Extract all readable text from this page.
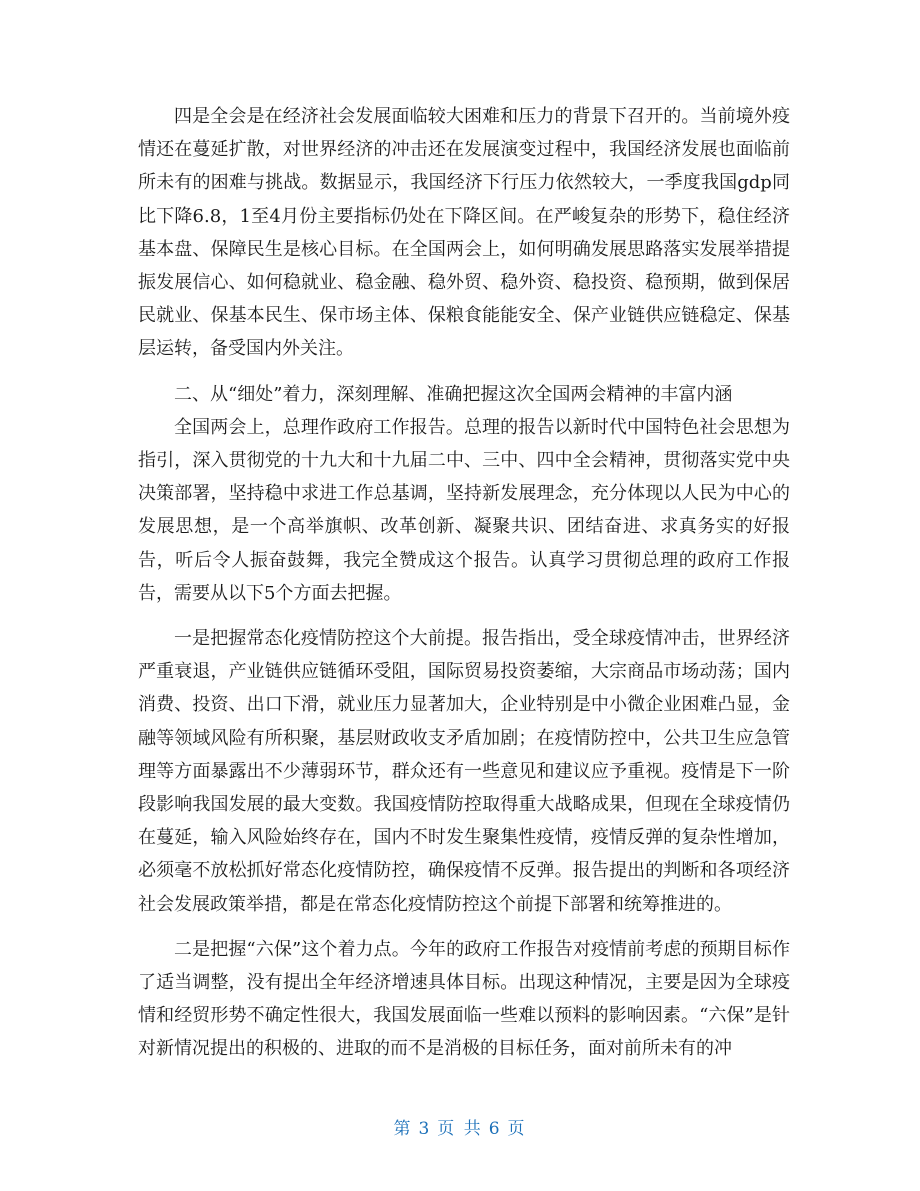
四是全会是在经济社会发展面临较大困难和压力的背景下召开的。当前境外疫情还在蔓延扩散，对世界经济的冲击还在发展演变过程中，我国经济发展也面临前所未有的困难与挑战。数据显示，我国经济下行压力依然较大，一季度我国gdp同比下降6.8，1至4月份主要指标仍处在下降区间。在严峻复杂的形势下，稳住经济基本盘、保障民生是核心目标。在全国两会上，如何明确发展思路落实发展举措提振发展信心、如何稳就业、稳金融、稳外贸、稳外资、稳投资、稳预期，做到保居民就业、保基本民生、保市场主体、保粮食能能安全、保产业链供应链稳定、保基层运转，备受国内外关注。

二、从“细处”着力，深刻理解、准确把握这次全国两会精神的丰富内涵

全国两会上，总理作政府工作报告。总理的报告以新时代中国特色社会思想为指引，深入贯彻党的十九大和十九届二中、三中、四中全会精神，贯彻落实党中央决策部署，坚持稳中求进工作总基调，坚持新发展理念，充分体现以人民为中心的发展思想，是一个高举旗帜、改革创新、凝聚共识、团结奋进、求真务实的好报告，听后令人振奋鼓舞，我完全赞成这个报告。认真学习贯彻总理的政府工作报告，需要从以下5个方面去把握。

一是把握常态化疫情防控这个大前提。报告指出，受全球疫情冲击，世界经济严重衰退，产业链供应链循环受阻，国际贸易投资萎缩，大宗商品市场动荡；国内消费、投资、出口下滑，就业压力显著加大，企业特别是中小微企业困难凸显，金融等领域风险有所积聚，基层财政收支矛盾加剧；在疫情防控中，公共卫生应急管理等方面暴露出不少薄弱环节，群众还有一些意见和建议应予重视。疫情是下一阶段影响我国发展的最大变数。我国疫情防控取得重大战略成果，但现在全球疫情仍在蔓延，输入风险始终存在，国内不时发生聚集性疫情，疫情反弹的复杂性增加，必须毫不放松抓好常态化疫情防控，确保疫情不反弹。报告提出的判断和各项经济社会发展政策举措，都是在常态化疫情防控这个前提下部署和统筹推进的。

二是把握“六保”这个着力点。今年的政府工作报告对疫情前考虑的预期目标作了适当调整，没有提出全年经济增速具体目标。出现这种情况，主要是因为全球疫情和经贸形势不确定性很大，我国发展面临一些难以预料的影响因素。“六保”是针对新情况提出的积极的、进取的而不是消极的目标任务，面对前所未有的冲

第 3 页 共 6 页
